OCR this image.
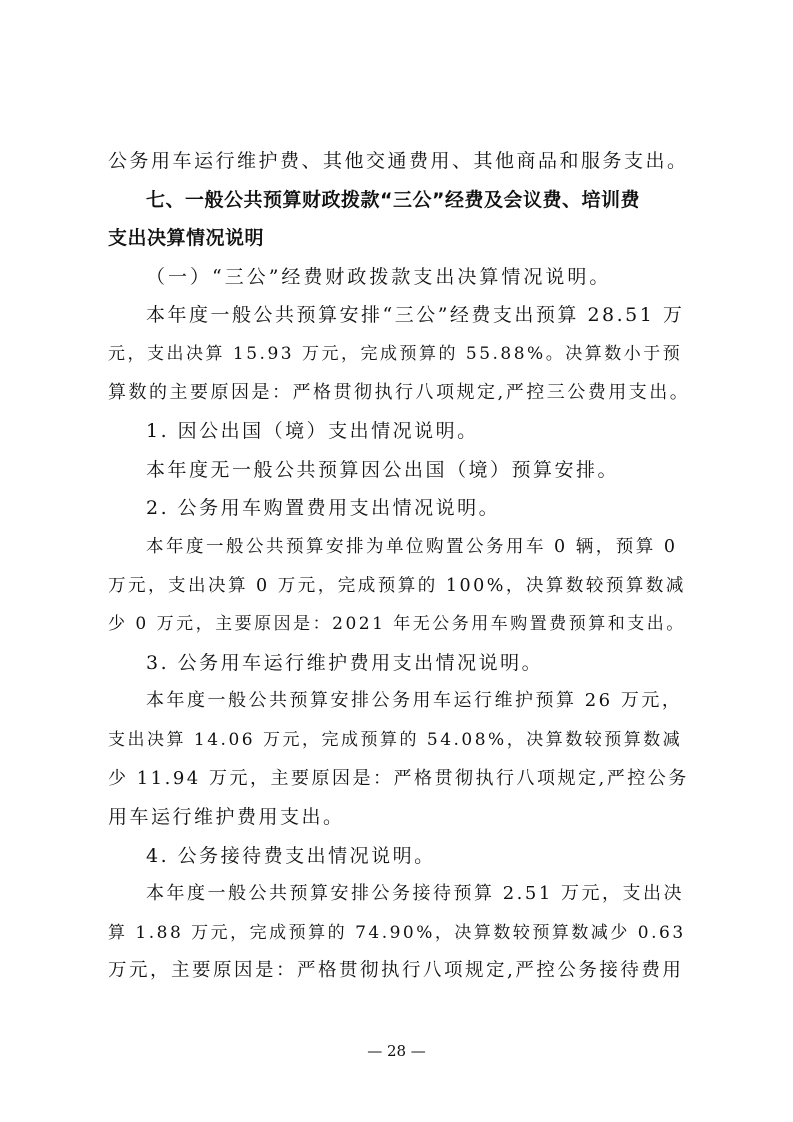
公务用车运行维护费、其他交通费用、其他商品和服务支出。

七、一般公共预算财政拨款“三公”经费及会议费、培训费

支出决算情况说明

（一）“三公”经费财政拨款支出决算情况说明。

本年度一般公共预算安排“三公”经费支出预算 28.51 万

元，支出决算 15.93 万元，完成预算的 55.88%。决算数小于预

算数的主要原因是：严格贯彻执行八项规定,严控三公费用支出。

1. 因公出国（境）支出情况说明。

本年度无一般公共预算因公出国（境）预算安排。

2. 公务用车购置费用支出情况说明。

本年度一般公共预算安排为单位购置公务用车 0 辆，预算 0

万元，支出决算 0 万元，完成预算的 100%，决算数较预算数减

少 0 万元，主要原因是：2021 年无公务用车购置费预算和支出。

3. 公务用车运行维护费用支出情况说明。

本年度一般公共预算安排公务用车运行维护预算 26 万元，

支出决算 14.06 万元，完成预算的 54.08%，决算数较预算数减

少 11.94 万元，主要原因是：严格贯彻执行八项规定,严控公务

用车运行维护费用支出。

4. 公务接待费支出情况说明。

本年度一般公共预算安排公务接待预算 2.51 万元，支出决

算 1.88 万元，完成预算的 74.90%，决算数较预算数减少 0.63

万元，主要原因是：严格贯彻执行八项规定,严控公务接待费用

— 28 —
